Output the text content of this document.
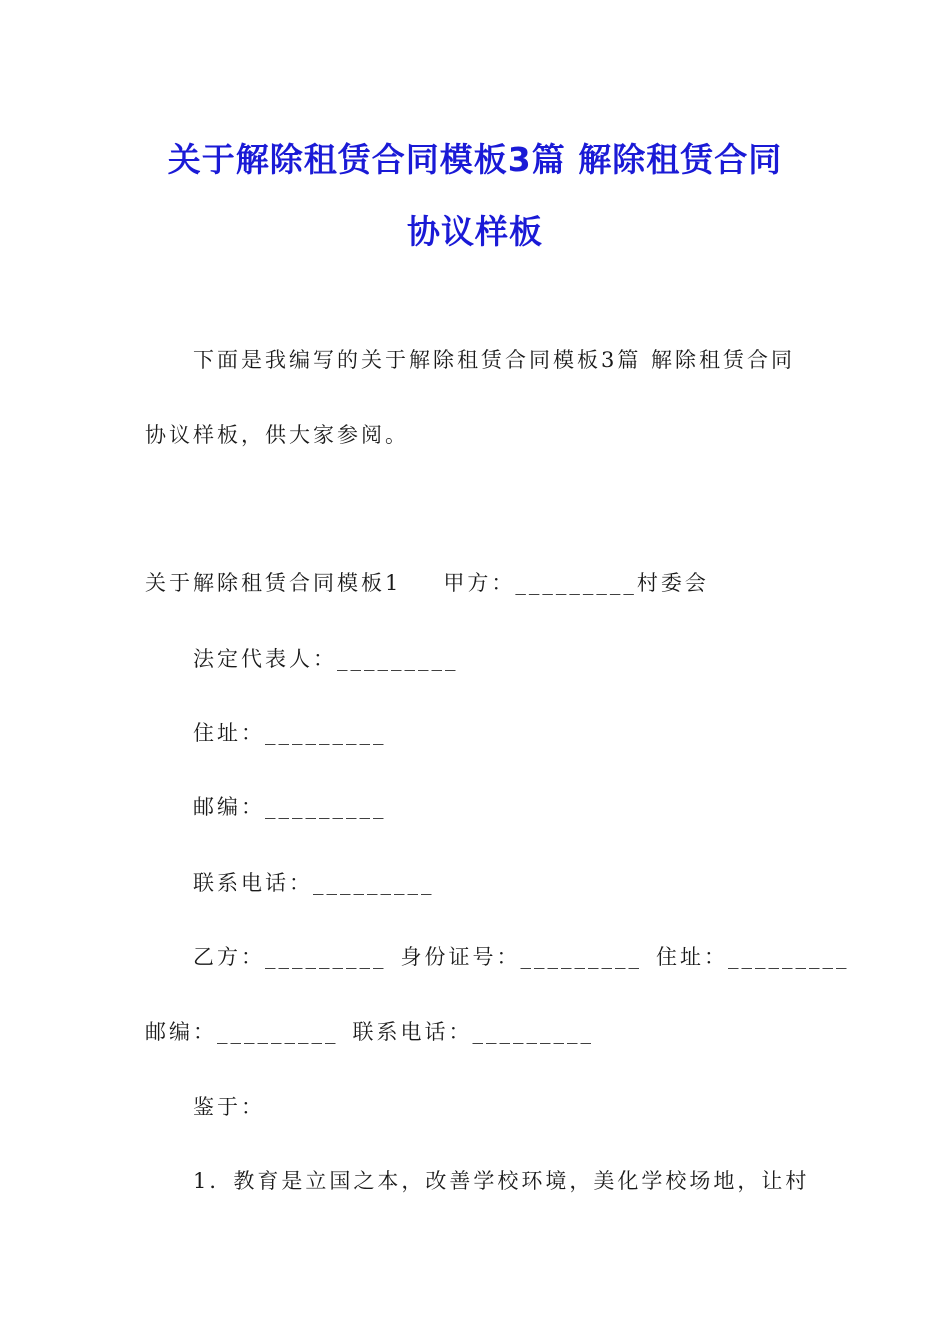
关于解除租赁合同模板3篇 解除租赁合同
协议样板
下面是我编写的关于解除租赁合同模板3篇 解除租赁合同
协议样板，供大家参阅。
关于解除租赁合同模板1 甲方：_________村委会
法定代表人：_________
住址：_________
邮编：_________
联系电话：_________
乙方：_________ 身份证号：_________ 住址：_________
邮编：_________ 联系电话：_________
鉴于：
1．教育是立国之本，改善学校环境，美化学校场地，让村
